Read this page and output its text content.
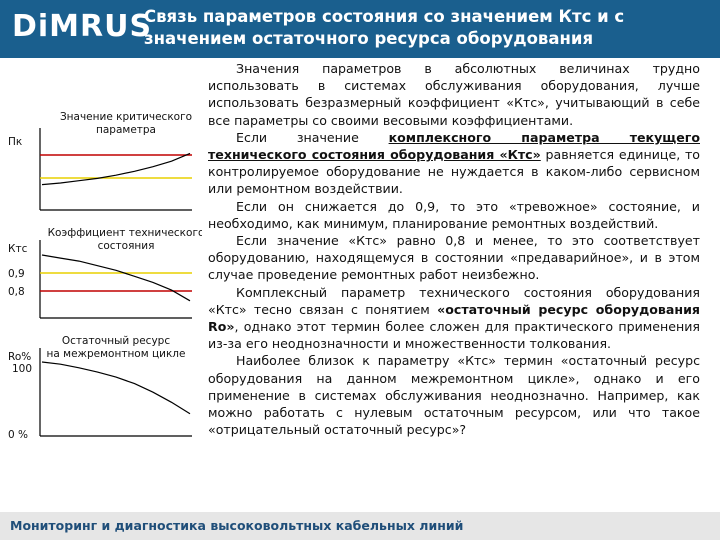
DiMRUS
Связь параметров состояния со значением Ктс и с значением остаточного ресурса оборудования

Значения параметров в абсолютных величинах трудно использовать в системах обслуживания оборудования, лучше использовать безразмерный коэффициент «Ктс», учитывающий в себе все параметры со своими весовыми коэффициентами.

Если значение комплексного параметра текущего технического состояния оборудования «Ктс» равняется единице, то контролируемое оборудование не нуждается в каком-либо сервисном или ремонтном воздействии.

Если он снижается до 0,9, то это «тревожное» состояние, и необходимо, как минимум, планирование ремонтных воздействий.

Если значение «Ктс» равно 0,8 и менее, то это соответствует оборудованию, находящемуся в состоянии «предаварийное», и в этом случае проведение ремонтных работ неизбежно.

Комплексный параметр технического состояния оборудования «Ктс» тесно связан с понятием «остаточный ресурс оборудования Ro», однако этот термин более сложен для практического применения из-за его неоднозначности и множественности толкования.

Наиболее близок к параметру «Ктс» термин «остаточный ресурс оборудования на данном межремонтном цикле», однако и его применение в системах обслуживания неоднозначно. Например, как можно работать с нулевым остаточным ресурсом, или что такое «отрицательный остаточный ресурс»?

Значение критического
параметра
Пк
Коэффициент технического
состояния
Ктс
0,9
0,8
Остаточный ресурс
на межремонтном цикле
Ro%
100
0 %
Мониторинг и диагностика высоковольтных кабельных линий
